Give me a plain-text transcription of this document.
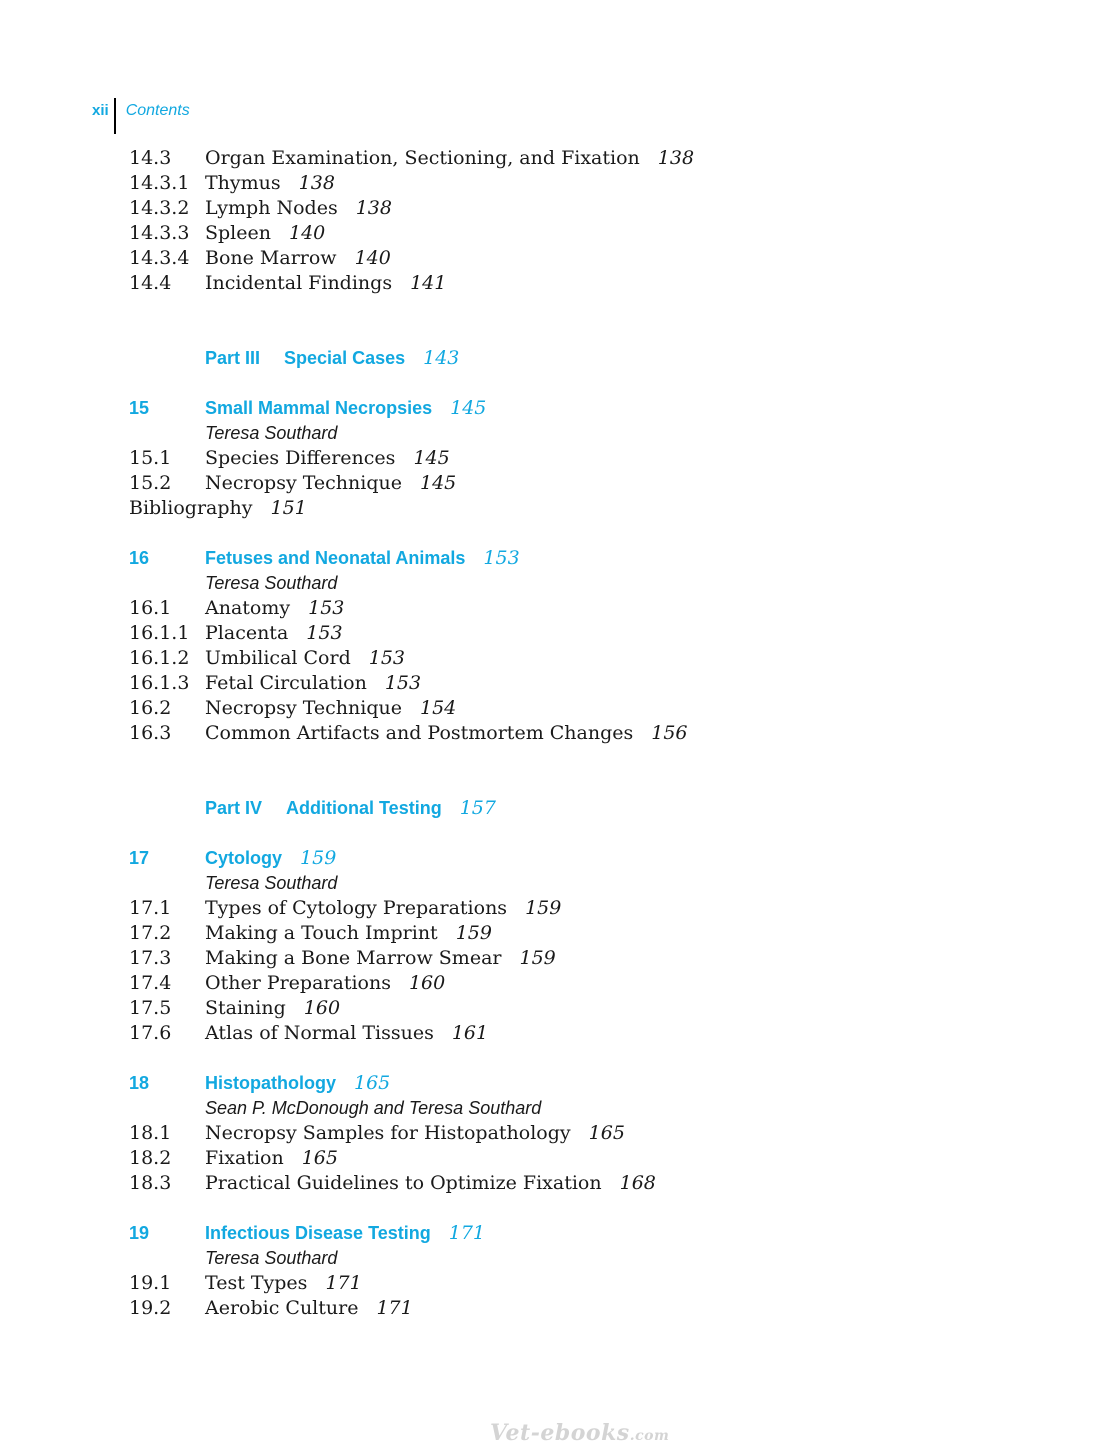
xii	Contents
14.3 Organ Examination, Sectioning, and Fixation 138
14.3.1 Thymus 138
14.3.2 Lymph Nodes 138
14.3.3 Spleen 140
14.3.4 Bone Marrow 140
14.4 Incidental Findings 141
Part III Special Cases 143
15	Small Mammal Necropsies 145
Teresa Southard
15.1 Species Differences 145
15.2 Necropsy Technique 145
Bibliography 151
16	Fetuses and Neonatal Animals 153
Teresa Southard
16.1 Anatomy 153
16.1.1 Placenta 153
16.1.2 Umbilical Cord 153
16.1.3 Fetal Circulation 153
16.2 Necropsy Technique 154
16.3 Common Artifacts and Postmortem Changes 156
Part IV Additional Testing 157
17	Cytology 159
Teresa Southard
17.1 Types of Cytology Preparations 159
17.2 Making a Touch Imprint 159
17.3 Making a Bone Marrow Smear 159
17.4 Other Preparations 160
17.5 Staining 160
17.6 Atlas of Normal Tissues 161
18	Histopathology 165
Sean P. McDonough and Teresa Southard
18.1 Necropsy Samples for Histopathology 165
18.2 Fixation 165
18.3 Practical Guidelines to Optimize Fixation 168
19	Infectious Disease Testing 171
Teresa Southard
19.1 Test Types 171
19.2 Aerobic Culture 171
Vet-ebooks.com
